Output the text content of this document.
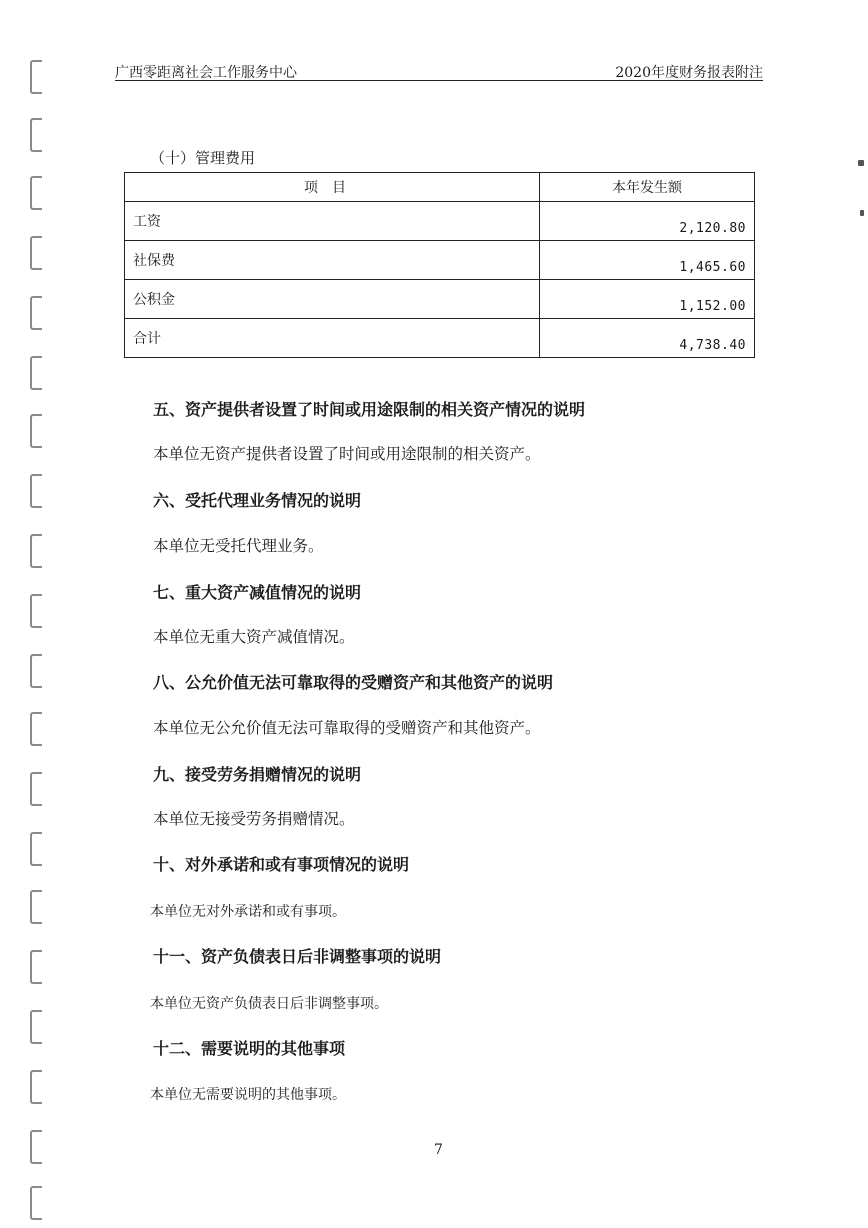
广西零距离社会工作服务中心	2020年度财务报表附注
（十）管理费用
项目	本年发生额
工资	2,120.80
社保费	1,465.60
公积金	1,152.00
合计	4,738.40
五、资产提供者设置了时间或用途限制的相关资产情况的说明
本单位无资产提供者设置了时间或用途限制的相关资产。
六、受托代理业务情况的说明
本单位无受托代理业务。
七、重大资产减值情况的说明
本单位无重大资产减值情况。
八、公允价值无法可靠取得的受赠资产和其他资产的说明
本单位无公允价值无法可靠取得的受赠资产和其他资产。
九、接受劳务捐赠情况的说明
本单位无接受劳务捐赠情况。
十、对外承诺和或有事项情况的说明
本单位无对外承诺和或有事项。
十一、资产负债表日后非调整事项的说明
本单位无资产负债表日后非调整事项。
十二、需要说明的其他事项
本单位无需要说明的其他事项。
7
